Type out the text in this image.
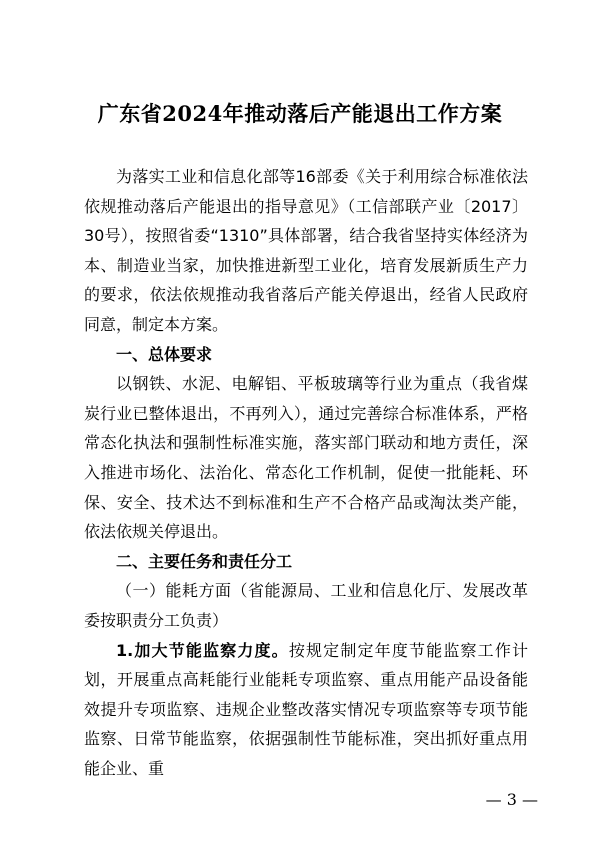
广东省2024年推动落后产能退出工作方案

为落实工业和信息化部等16部委《关于利用综合标准依法依规推动落后产能退出的指导意见》（工信部联产业〔2017〕30号），按照省委“1310”具体部署，结合我省坚持实体经济为本、制造业当家，加快推进新型工业化，培育发展新质生产力的要求，依法依规推动我省落后产能关停退出，经省人民政府同意，制定本方案。

一、总体要求

以钢铁、水泥、电解铝、平板玻璃等行业为重点（我省煤炭行业已整体退出，不再列入），通过完善综合标准体系，严格常态化执法和强制性标准实施，落实部门联动和地方责任，深入推进市场化、法治化、常态化工作机制，促使一批能耗、环保、安全、技术达不到标准和生产不合格产品或淘汰类产能，依法依规关停退出。

二、主要任务和责任分工

（一）能耗方面（省能源局、工业和信息化厅、发展改革委按职责分工负责）

1.加大节能监察力度。按规定制定年度节能监察工作计划，开展重点高耗能行业能耗专项监察、重点用能产品设备能效提升专项监察、违规企业整改落实情况专项监察等专项节能监察、日常节能监察，依据强制性节能标准，突出抓好重点用能企业、重

— 3 —
